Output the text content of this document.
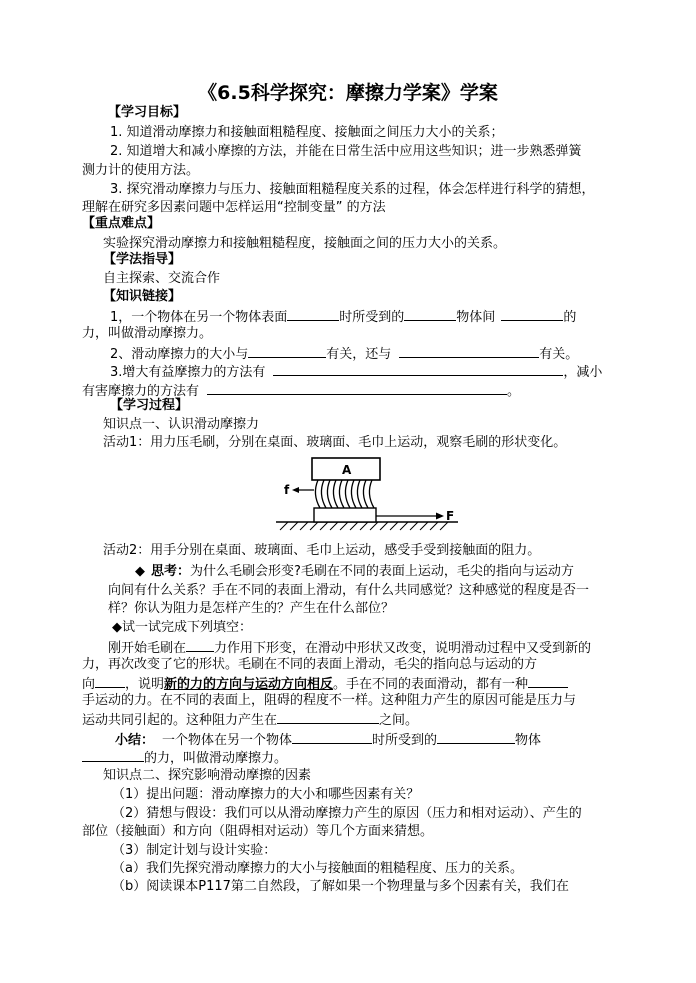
《6.5科学探究：摩擦力学案》学案
【学习目标】
1. 知道滑动摩擦力和接触面粗糙程度、接触面之间压力大小的关系；
2. 知道增大和减小摩擦的方法，并能在日常生活中应用这些知识；进一步熟悉弹簧
测力计的使用方法。
3. 探究滑动摩擦力与压力、接触面粗糙程度关系的过程，体会怎样进行科学的猜想，
理解在研究多因素问题中怎样运用“控制变量” 的方法
【重点难点】
实验探究滑动摩擦力和接触粗糙程度，接触面之间的压力大小的关系。
【学法指导】
自主探索、交流合作
【知识链接】
1，一个物体在另一个物体表面	时所受到的	物体间	的
力，叫做滑动摩擦力。
2、滑动摩擦力的大小与	有关，还与	有关。
3.增大有益摩擦力的方法有	，减小
有害摩擦力的方法有	。
【学习过程】
知识点一、认识滑动摩擦力
活动1：用力压毛刷，分别在桌面、玻璃面、毛巾上运动，观察毛刷的形状变化。
A
f
F
活动2：用手分别在桌面、玻璃面、毛巾上运动，感受手受到接触面的阻力。
◆ 思考：为什么毛刷会形变?毛刷在不同的表面上运动，毛尖的指向与运动方
向间有什么关系？手在不同的表面上滑动，有什么共同感觉？这种感觉的程度是否一
样？你认为阻力是怎样产生的？产生在什么部位？
◆试一试完成下列填空：
刚开始毛刷在 力作用下形变，在滑动中形状又改变，说明滑动过程中又受到新的
力，再次改变了它的形状。毛刷在不同的表面上滑动，毛尖的指向总与运动的方
向 ，说明新的力的方向与运动方向相反。手在不同的表面滑动，都有一种
手运动的力。在不同的表面上，阻碍的程度不一样。这种阻力产生的原因可能是压力与
运动共同引起的。这种阻力产生在	之间。
小结： 一个物体在另一个物体	时所受到的	物体
的力，叫做滑动摩擦力。
知识点二、探究影响滑动摩擦的因素
（1）提出问题：滑动摩擦力的大小和哪些因素有关？
（2）猜想与假设：我们可以从滑动摩擦力产生的原因（压力和相对运动）、产生的
部位（接触面）和方向（阻碍相对运动）等几个方面来猜想。
（3）制定计划与设计实验：
（a）我们先探究滑动摩擦力的大小与接触面的粗糙程度、压力的关系。
（b）阅读课本P117第二自然段，了解如果一个物理量与多个因素有关，我们在
